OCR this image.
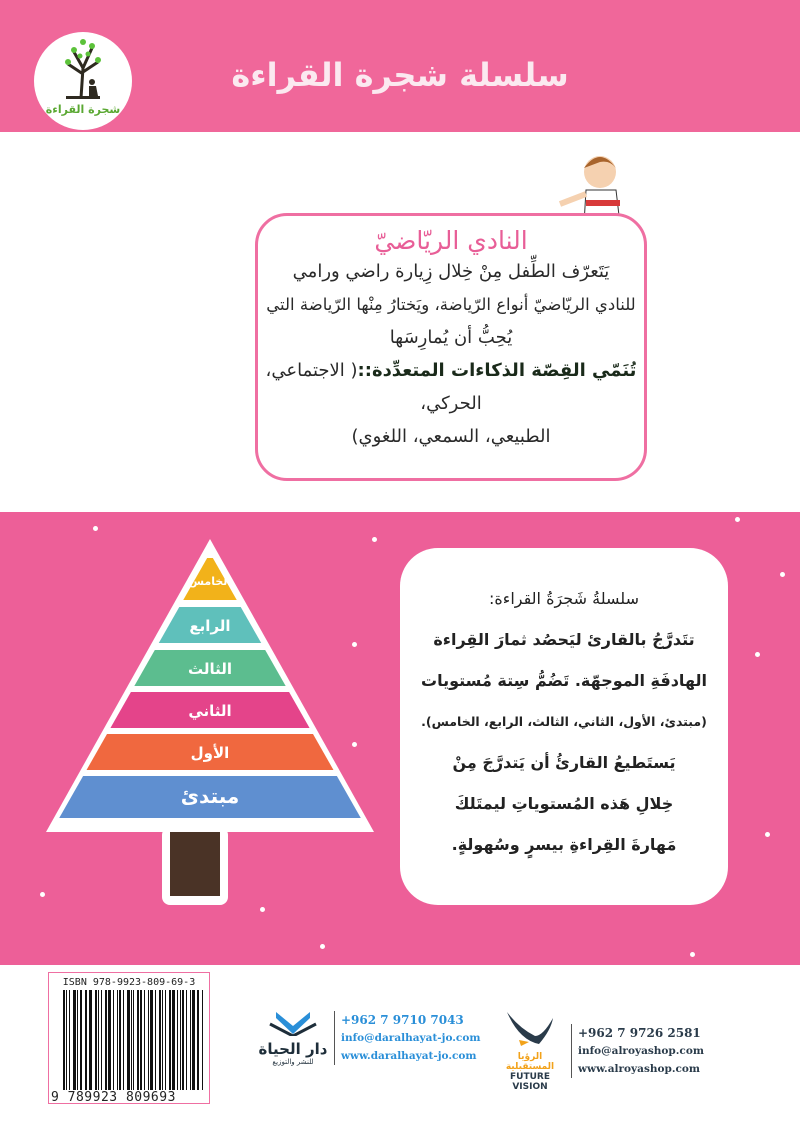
شجرة القراءة
سلسلة شجرة القراءة
النادي الريّاضيّ

يَتَعرّف الطِّفل مِنْ خِلال زِيارة راضي ورامي

للنادي الريّاضيّ أنواع الرّياضة، ويَختارُ مِنْها الرّياضة التي

يُحِبُّ أن يُمارِسَها

تُنَمّي القِصّة الذكاءات المتعدِّدة::( الاجتماعي، الحركي،

الطبيعي، السمعي، اللغوي)

مبتدئ
الأول
الثاني
الثالث
الرابع
الخامس

سلسلةُ شَجرَةُ القراءة:

تتَدرَّجُ بالقارئ ليَحصُد ثمارَ القِراءة

الهادفَةِ الموجهّة. تَضُمُّ سِتة مُستويات

(مبتدئ، الأول، الثاني، الثالث، الرابع، الخامس).

يَستَطيعُ القارئُ أن يَتدرَّجَ مِنْ

خِلالِ هَذه المُستوياتِ ليمتَلكَ

مَهارةَ القِراءةِ بيسرٍ وسُهولةٍ.

ISBN 978-9923-809-69-3
9 789923 809693
دار الحياة
للنشر والتوزيع
+962 7 9710 7043
info@daralhayat-jo.com
www.daralhayat-jo.com	الرؤيا المستقبلية
FUTURE VISION
+962 7 9726 2581
info@alroyashop.com
www.alroyashop.com
